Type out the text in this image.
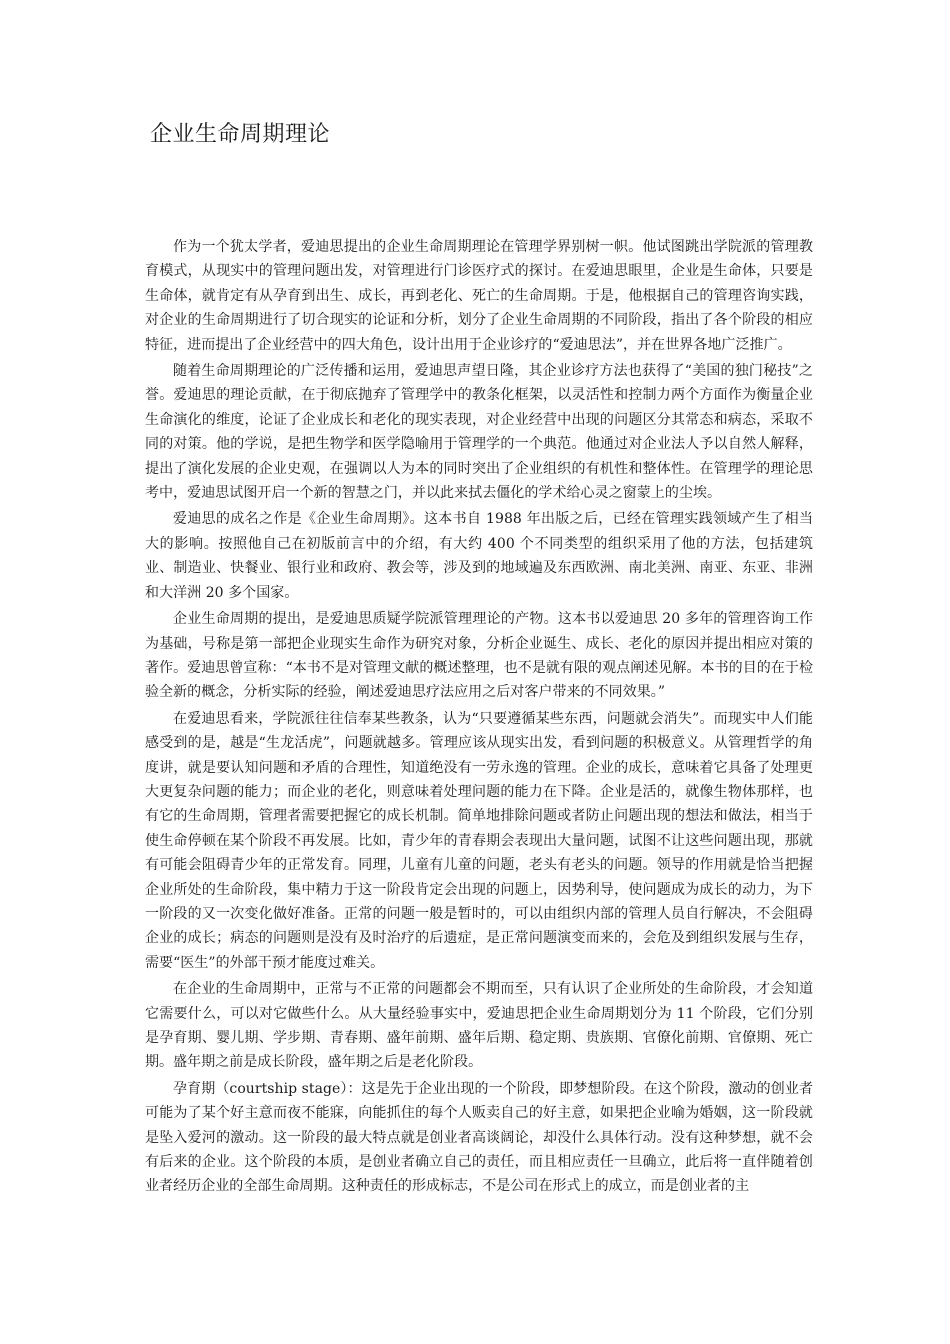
企业生命周期理论

作为一个犹太学者，爱迪思提出的企业生命周期理论在管理学界别树一帜。他试图跳出学院派的管理教育模式，从现实中的管理问题出发，对管理进行门诊医疗式的探讨。在爱迪思眼里，企业是生命体，只要是生命体，就肯定有从孕育到出生、成长，再到老化、死亡的生命周期。于是，他根据自己的管理咨询实践，对企业的生命周期进行了切合现实的论证和分析，划分了企业生命周期的不同阶段，指出了各个阶段的相应特征，进而提出了企业经营中的四大角色，设计出用于企业诊疗的“爱迪思法”，并在世界各地广泛推广。

随着生命周期理论的广泛传播和运用，爱迪思声望日隆，其企业诊疗方法也获得了“美国的独门秘技”之誉。爱迪思的理论贡献，在于彻底抛弃了管理学中的教条化框架，以灵活性和控制力两个方面作为衡量企业生命演化的维度，论证了企业成长和老化的现实表现，对企业经营中出现的问题区分其常态和病态，采取不同的对策。他的学说，是把生物学和医学隐喻用于管理学的一个典范。他通过对企业法人予以自然人解释，提出了演化发展的企业史观，在强调以人为本的同时突出了企业组织的有机性和整体性。在管理学的理论思考中，爱迪思试图开启一个新的智慧之门，并以此来拭去僵化的学术给心灵之窗蒙上的尘埃。

爱迪思的成名之作是《企业生命周期》。这本书自 1988 年出版之后，已经在管理实践领域产生了相当大的影响。按照他自己在初版前言中的介绍，有大约 400 个不同类型的组织采用了他的方法，包括建筑业、制造业、快餐业、银行业和政府、教会等，涉及到的地域遍及东西欧洲、南北美洲、南亚、东亚、非洲和大洋洲 20 多个国家。

企业生命周期的提出，是爱迪思质疑学院派管理理论的产物。这本书以爱迪思 20 多年的管理咨询工作为基础，号称是第一部把企业现实生命作为研究对象，分析企业诞生、成长、老化的原因并提出相应对策的著作。爱迪思曾宣称：“本书不是对管理文献的概述整理，也不是就有限的观点阐述见解。本书的目的在于检验全新的概念，分析实际的经验，阐述爱迪思疗法应用之后对客户带来的不同效果。”

在爱迪思看来，学院派往往信奉某些教条，认为“只要遵循某些东西，问题就会消失”。而现实中人们能感受到的是，越是“生龙活虎”，问题就越多。管理应该从现实出发，看到问题的积极意义。从管理哲学的角度讲，就是要认知问题和矛盾的合理性，知道绝没有一劳永逸的管理。企业的成长，意味着它具备了处理更大更复杂问题的能力；而企业的老化，则意味着处理问题的能力在下降。企业是活的，就像生物体那样，也有它的生命周期，管理者需要把握它的成长机制。简单地排除问题或者防止问题出现的想法和做法，相当于使生命停顿在某个阶段不再发展。比如，青少年的青春期会表现出大量问题，试图不让这些问题出现，那就有可能会阻碍青少年的正常发育。同理，儿童有儿童的问题，老头有老头的问题。领导的作用就是恰当把握企业所处的生命阶段，集中精力于这一阶段肯定会出现的问题上，因势利导，使问题成为成长的动力，为下一阶段的又一次变化做好准备。正常的问题一般是暂时的，可以由组织内部的管理人员自行解决，不会阻碍企业的成长；病态的问题则是没有及时治疗的后遗症，是正常问题演变而来的，会危及到组织发展与生存，需要“医生”的外部干预才能度过难关。

在企业的生命周期中，正常与不正常的问题都会不期而至，只有认识了企业所处的生命阶段，才会知道它需要什么，可以对它做些什么。从大量经验事实中，爱迪思把企业生命周期划分为 11 个阶段，它们分别是孕育期、婴儿期、学步期、青春期、盛年前期、盛年后期、稳定期、贵族期、官僚化前期、官僚期、死亡期。盛年期之前是成长阶段，盛年期之后是老化阶段。

孕育期（courtship stage）：这是先于企业出现的一个阶段，即梦想阶段。在这个阶段，激动的创业者可能为了某个好主意而夜不能寐，向能抓住的每个人贩卖自己的好主意，如果把企业喻为婚姻，这一阶段就是坠入爱河的激动。这一阶段的最大特点就是创业者高谈阔论，却没什么具体行动。没有这种梦想，就不会有后来的企业。这个阶段的本质，是创业者确立自己的责任，而且相应责任一旦确立，此后将一直伴随着创业者经历企业的全部生命周期。这种责任的形成标志，不是公司在形式上的成立，而是创业者的主
